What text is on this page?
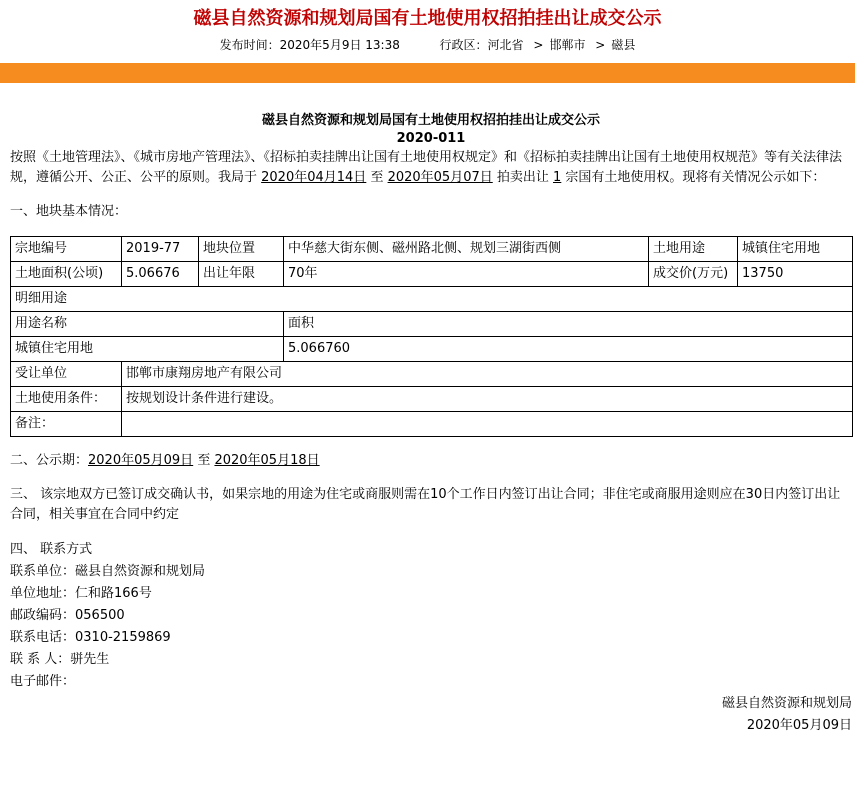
磁县自然资源和规划局国有土地使用权招拍挂出让成交公示
发布时间：2020年5月9日 13:38	行政区：河北省 > 邯郸市 > 磁县
磁县自然资源和规划局国有土地使用权招拍挂出让成交公示
2020-011
按照《土地管理法》、《城市房地产管理法》、《招标拍卖挂牌出让国有土地使用权规定》和《招标拍卖挂牌出让国有土地使用权规范》等有关法律法规，遵循公开、公正、公平的原则。我局于 2020年04月14日 至 2020年05月07日 拍卖出让 1 宗国有土地使用权。现将有关情况公示如下：
一、地块基本情况：
宗地编号	2019-77	地块位置	中华慈大街东侧、磁州路北侧、规划三湖街西侧	土地用途	城镇住宅用地
土地面积(公顷)	5.06676	出让年限	70年	成交价(万元)	13750
明细用途					
用途名称			面积		
城镇住宅用地			5.066760		
受让单位	邯郸市康翔房地产有限公司				
土地使用条件：	按规划设计条件进行建设。				
备注：					
二、公示期：2020年05月09日 至 2020年05月18日
三、 该宗地双方已签订成交确认书，如果宗地的用途为住宅或商服则需在10个工作日内签订出让合同；非住宅或商服用途则应在30日内签订出让合同，相关事宜在合同中约定
四、 联系方式
联系单位：磁县自然资源和规划局
单位地址：仁和路166号
邮政编码：056500
联系电话：0310-2159869
联 系 人：骈先生
电子邮件：
磁县自然资源和规划局
2020年05月09日
